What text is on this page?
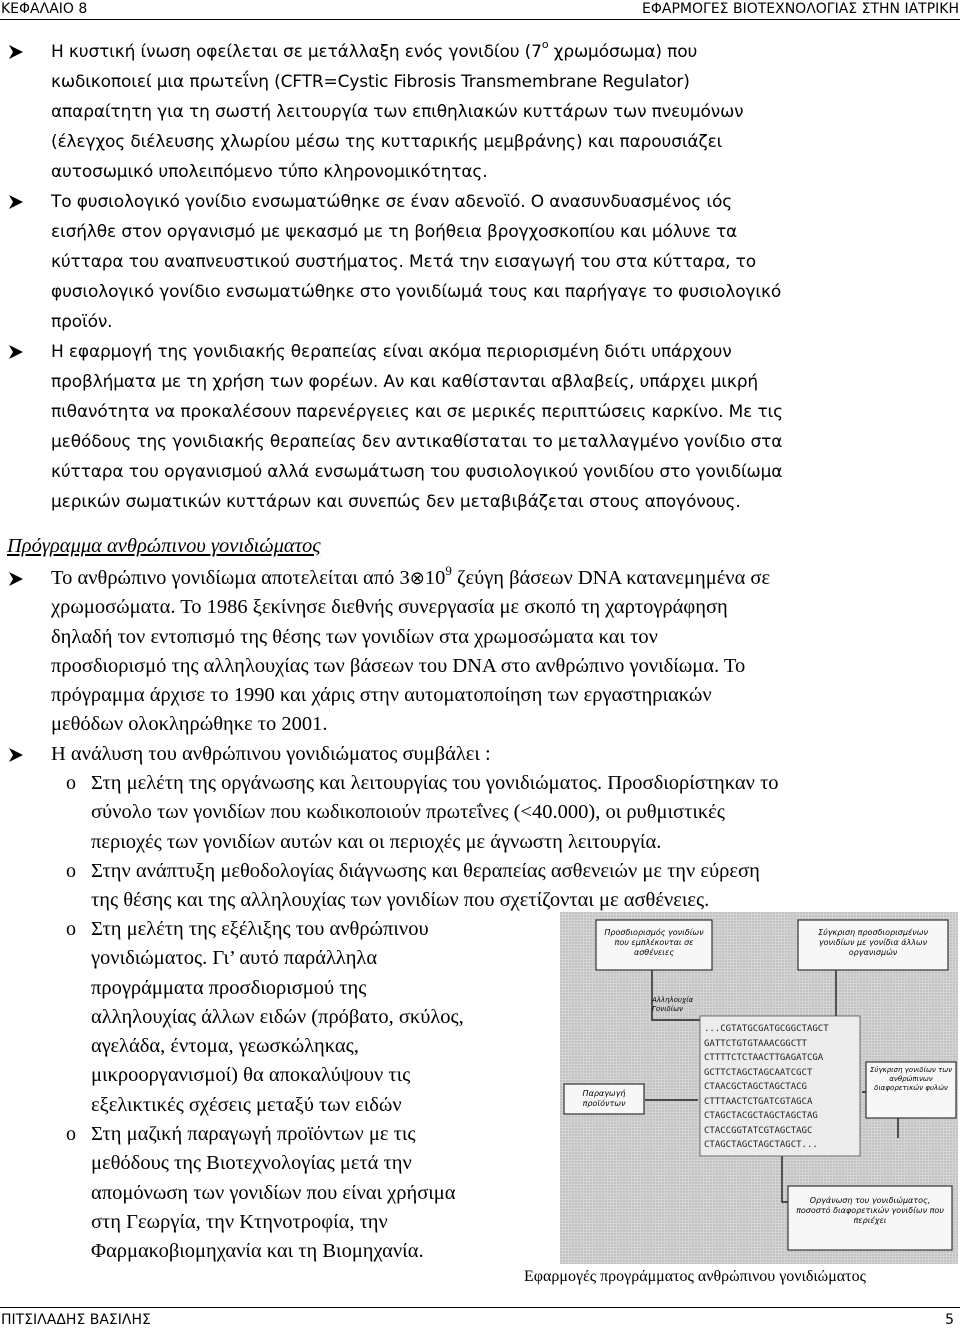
ΚΕΦΑΛΑΙΟ 8	ΕΦΑΡΜΟΓΕΣ ΒΙΟΤΕΧΝΟΛΟΓΙΑΣ ΣΤΗΝ ΙΑΤΡΙΚΗ
Η κυστική ίνωση οφείλεται σε μετάλλαξη ενός γονιδίου ($7^o$ χρωμόσωμα) που
κωδικοποιεί μια πρωτεΐνη (CFTR=Cystic Fibrosis Transmembrane Regulator)
απαραίτητη για τη σωστή λειτουργία των επιθηλιακών κυττάρων των πνευμόνων
(έλεγχος διέλευσης χλωρίου μέσω της κυτταρικής μεμβράνης) και παρουσιάζει
αυτοσωμικό υπολειπόμενο τύπο κληρονομικότητας.
Το φυσιολογικό γονίδιο ενσωματώθηκε σε έναν αδενοϊό. Ο ανασυνδυασμένος ιός
εισήλθε στον οργανισμό με ψεκασμό με τη βοήθεια βρογχοσκοπίου και μόλυνε τα
κύτταρα του αναπνευστικού συστήματος. Μετά την εισαγωγή του στα κύτταρα, το
φυσιολογικό γονίδιο ενσωματώθηκε στο γονιδίωμά τους και παρήγαγε το φυσιολογικό
προϊόν.
Η εφαρμογή της γονιδιακής θεραπείας είναι ακόμα περιορισμένη διότι υπάρχουν
προβλήματα με τη χρήση των φορέων. Αν και καθίστανται αβλαβείς, υπάρχει μικρή
πιθανότητα να προκαλέσουν παρενέργειες και σε μερικές περιπτώσεις καρκίνο. Με τις
μεθόδους της γονιδιακής θεραπείας δεν αντικαθίσταται το μεταλλαγμένο γονίδιο στα
κύτταρα του οργανισμού αλλά ενσωμάτωση του φυσιολογικού γονιδίου στο γονιδίωμα
μερικών σωματικών κυττάρων και συνεπώς δεν μεταβιβάζεται στους απογόνους.
Πρόγραμμα ανθρώπινου γονιδιώματος
Το ανθρώπινο γονιδίωμα αποτελείται από $3\otimes 10^9$ ζεύγη βάσεων DNA κατανεμημένα σε
χρωμοσώματα. Το 1986 ξεκίνησε διεθνής συνεργασία με σκοπό τη χαρτογράφηση
δηλαδή τον εντοπισμό της θέσης των γονιδίων στα χρωμοσώματα και τον
προσδιορισμό της αλληλουχίας των βάσεων του DNA στο ανθρώπινο γονιδίωμα. Το
πρόγραμμα άρχισε το 1990 και χάρις στην αυτοματοποίηση των εργαστηριακών
μεθόδων ολοκληρώθηκε το 2001.
Η ανάλυση του ανθρώπινου γονιδιώματος συμβάλει :
o Στη μελέτη της οργάνωσης και λειτουργίας του γονιδιώματος. Προσδιορίστηκαν το
σύνολο των γονιδίων που κωδικοποιούν πρωτεΐνες (<40.000), οι ρυθμιστικές
περιοχές των γονιδίων αυτών και οι περιοχές με άγνωστη λειτουργία.
o Στην ανάπτυξη μεθοδολογίας διάγνωσης και θεραπείας ασθενειών με την εύρεση
της θέσης και της αλληλουχίας των γονιδίων που σχετίζονται με ασθένειες.
o Στη μελέτη της εξέλιξης του ανθρώπινου
γονιδιώματος. Γι’ αυτό παράλληλα
προγράμματα προσδιορισμού της
αλληλουχίας άλλων ειδών (πρόβατο, σκύλος,
αγελάδα, έντομα, γεωσκώληκας,
μικροοργανισμοί) θα αποκαλύψουν τις
εξελικτικές σχέσεις μεταξύ των ειδών
o Στη μαζική παραγωγή προϊόντων με τις
μεθόδους της Βιοτεχνολογίας μετά την
απομόνωση των γονιδίων που είναι χρήσιμα
στη Γεωργία, την Κτηνοτροφία, την
Φαρμακοβιομηχανία και τη Βιομηχανία.
Προσδιορισμός γονιδίων που εμπλέκονται σε ασθένειες
Σύγκριση προσδιορισμένων γονιδίων με γονίδια άλλων οργανισμών
Αλληλουχία Γονιδίων
Παραγωγή προϊόντων
Σύγκριση γονιδίων των ανθρώπινων διαφορετικών φυλών
Οργάνωση του γονιδιώματος, ποσοστό διαφορετικών γονιδίων που περιέχει
...CGTATGCGATGCGGCTAGCT
GATTCTGTGTAAACGGCTT
CTTTTCTCTAACTTGAGATCGA
GCTTCTAGCTAGCAATCGCT
CTAACGCTAGCTAGCTACG
CTTTAACTCTGATCGTAGCA
CTAGCTACGCTAGCTAGCTAG
CTACCGGTATCGTAGCTAGC
CTAGCTAGCTAGCTAGCT...
Εφαρμογές προγράμματος ανθρώπινου γονιδιώματος
ΠΙΤΣΙΛΑΔΗΣ ΒΑΣΙΛΗΣ	5
